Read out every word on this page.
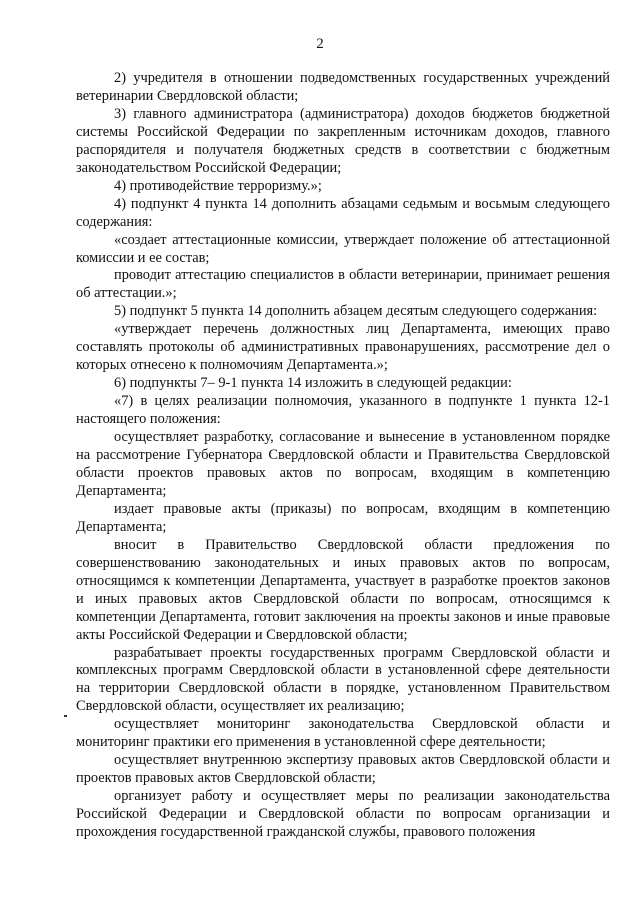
2

2) учредителя в отношении подведомственных государственных учреждений ветеринарии Свердловской области;

3) главного администратора (администратора) доходов бюджетов бюджетной системы Российской Федерации по закрепленным источникам доходов, главного распорядителя и получателя бюджетных средств в соответствии с бюджетным законодательством Российской Федерации;

4) противодействие терроризму.»;

4) подпункт 4 пункта 14 дополнить абзацами седьмым и восьмым следующего содержания:

«создает аттестационные комиссии, утверждает положение об аттестационной комиссии и ее состав;

проводит аттестацию специалистов в области ветеринарии, принимает решения об аттестации.»;

5) подпункт 5 пункта 14 дополнить абзацем десятым следующего содержания:

«утверждает перечень должностных лиц Департамента, имеющих право составлять протоколы об административных правонарушениях, рассмотрение дел о которых отнесено к полномочиям Департамента.»;

6) подпункты 7– 9-1 пункта 14 изложить в следующей редакции:

«7) в целях реализации полномочия, указанного в подпункте 1 пункта 12-1 настоящего положения:

осуществляет разработку, согласование и вынесение в установленном порядке на рассмотрение Губернатора Свердловской области и Правительства Свердловской области проектов правовых актов по вопросам, входящим в компетенцию Департамента;

издает правовые акты (приказы) по вопросам, входящим в компетенцию Департамента;

вносит в Правительство Свердловской области предложения по совершенствованию законодательных и иных правовых актов по вопросам, относящимся к компетенции Департамента, участвует в разработке проектов законов и иных правовых актов Свердловской области по вопросам, относящимся к компетенции Департамента, готовит заключения на проекты законов и иные правовые акты Российской Федерации и Свердловской области;

разрабатывает проекты государственных программ Свердловской области и комплексных программ Свердловской области в установленной сфере деятельности на территории Свердловской области в порядке, установленном Правительством Свердловской области, осуществляет их реализацию;

осуществляет мониторинг законодательства Свердловской области и мониторинг практики его применения в установленной сфере деятельности;

осуществляет внутреннюю экспертизу правовых актов Свердловской области и проектов правовых актов Свердловской области;

организует работу и осуществляет меры по реализации законодательства Российской Федерации и Свердловской области по вопросам организации и прохождения государственной гражданской службы, правового положения
